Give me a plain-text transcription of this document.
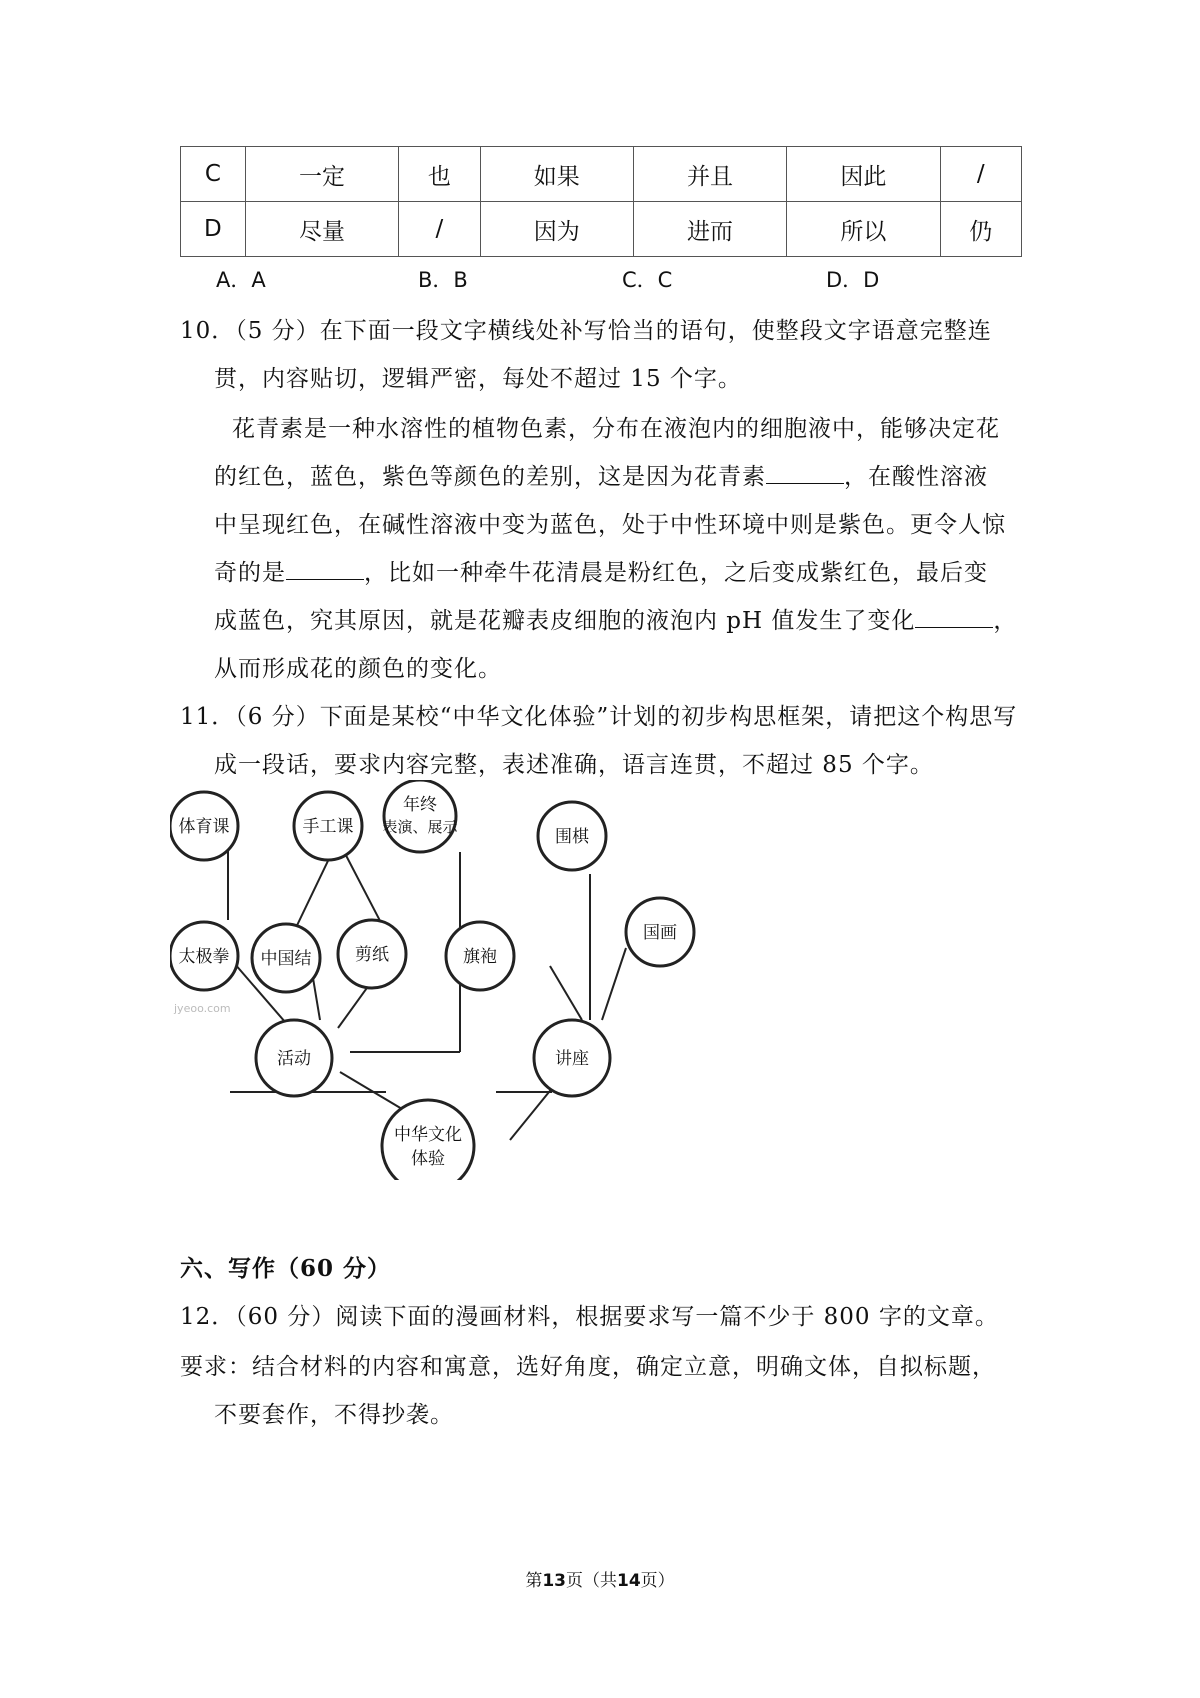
C	一定	也	如果	并且	因此	/
D	尽量	/	因为	进而	所以	仍
A．A	B．B	C．C	D．D
10．（5 分）在下面一段文字横线处补写恰当的语句，使整段文字语意完整连
贯，内容贴切，逻辑严密，每处不超过 15 个字。
花青素是一种水溶性的植物色素，分布在液泡内的细胞液中，能够决定花
的红色，蓝色，紫色等颜色的差别，这是因为花青素	，在酸性溶液
中呈现红色，在碱性溶液中变为蓝色，处于中性环境中则是紫色。更令人惊
奇的是	，比如一种牵牛花清晨是粉红色，之后变成紫红色，最后变
成蓝色，究其原因，就是花瓣表皮细胞的液泡内 pH 值发生了变化	，
从而形成花的颜色的变化。
11．（6 分）下面是某校“中华文化体验”计划的初步构思框架，请把这个构思写
成一段话，要求内容完整，表述准确，语言连贯，不超过 85 个字。
体育课	手工课
年终
表演、展示
太极拳 中国结	剪纸	旗袍
围棋
国画
活动	讲座
中华文化
体验
jyeoo.com
六、写作（60 分）
12．（60 分）阅读下面的漫画材料，根据要求写一篇不少于 800 字的文章。
要求：结合材料的内容和寓意，选好角度，确定立意，明确文体，自拟标题，
不要套作，不得抄袭。
第13页（共14页）
